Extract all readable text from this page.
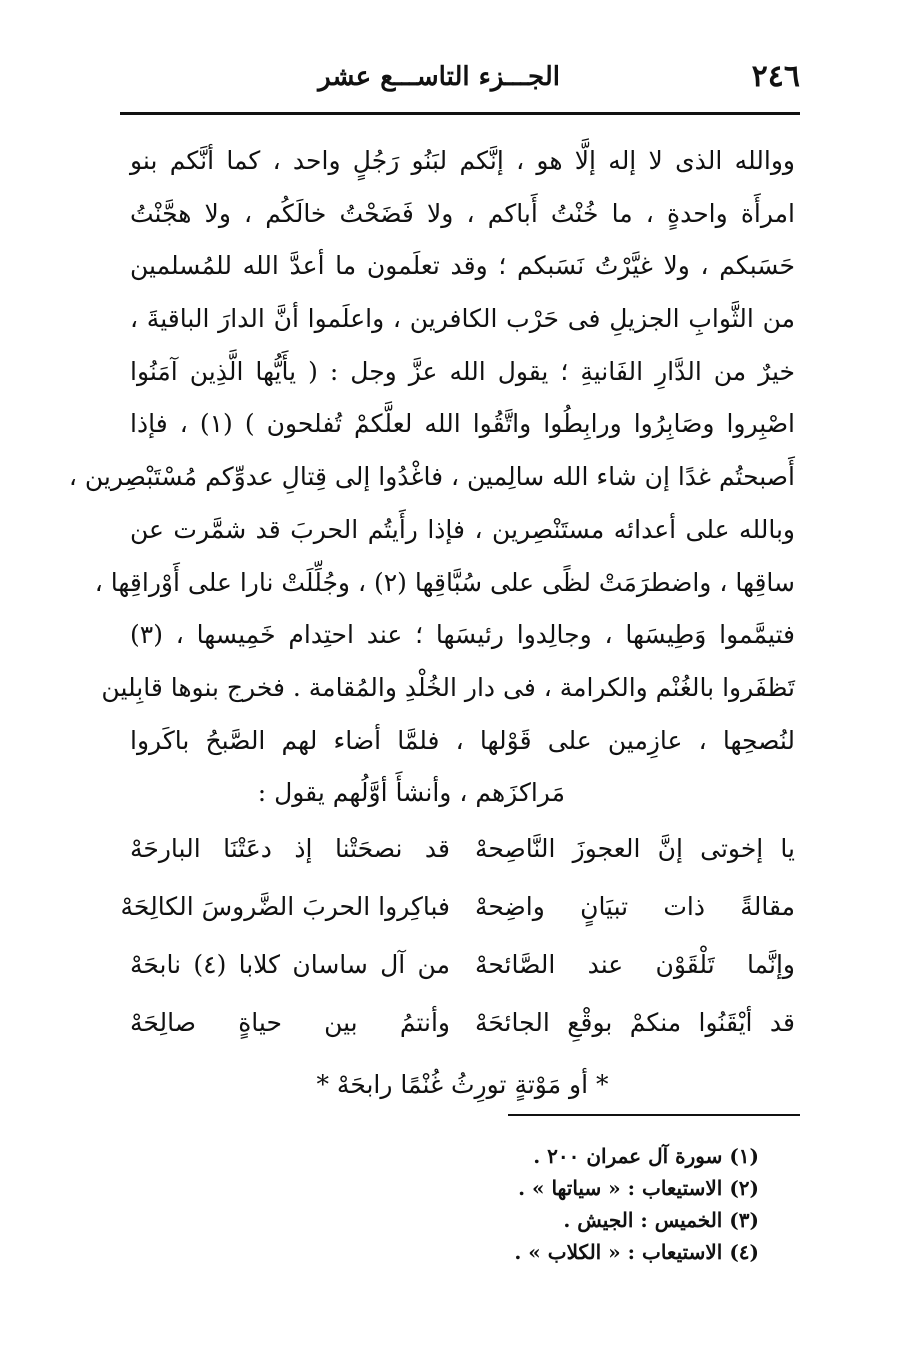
٢٤٦
الجـــزء التاســـع عشر
ووالله الذى لا إله إلَّا هو ، إنَّكم لبَنُو رَجُلٍ واحد ، كما أنَّكم بنو
امرأَة واحدةٍ ، ما خُنْتُ أَباكم ، ولا فَضَحْتُ خالَكُم ، ولا هجَّنْتُ
حَسَبكم ، ولا غيَّرْتُ نَسَبكم ؛ وقد تعلَمون ما أعدَّ الله للمُسلمين
من الثَّوابِ الجزيلِ فى حَرْب الكافرين ، واعلَموا أنَّ الدارَ الباقيةَ ،
خيرٌ من الدَّارِ الفَانيةِ ؛ يقول الله عزَّ وجل : ( يأَيُّها الَّذِين آمَنُوا
اصْبِروا وصَابِرُوا ورابِطُوا واتَّقُوا الله لعلَّكمْ تُفلحون ) (١) ، فإذا
أَصبحتُم غدًا إن شاء الله سالِمين ، فاغْدُوا إلى قِتالِ عدوِّكم مُسْتَبْصِرين ،
وبالله على أعدائه مستَنْصِرين ، فإذا رأَيتُم الحربَ قد شمَّرت عن
ساقِها ، واضطرَمَتْ لظًى على سُبَّاقِها (٢) ، وجُلِّلَتْ نارا على أَوْراقِها ،
فتيمَّموا وَطِيسَها ، وجالِدوا رئيسَها ؛ عند احتِدام خَمِيسها ، (٣)
تَظفَروا بالغُنْم والكرامة ، فى دار الخُلْدِ والمُقامة . فخرج بنوها قابِلين
لنُصحِها ، عازِمين على قَوْلها ، فلمَّا أضاء لهم الصَّبحُ باكَروا
مَراكزَهم ، وأنشأَ أوَّلُهم يقول :
يا إخوتى إنَّ العجوزَ النَّاصِحهْ
قد نصحَتْنا إذ دعَتْنَا البارحَهْ
مقالةً ذات تبيَانٍ واضِحهْ
فباكِروا الحربَ الضَّروسَ الكالِحَهْ
وإنَّما تَلْقَوْن عند الصَّائحهْ
من آل ساسان كلابا (٤) نابحَهْ
قد أيْقَنُوا منكمْ بوقْعِ الجائحَهْ
وأنتمُ بين حياةٍ صالِحَهْ
* أو مَوْتةٍ تورِثُ غُنْمًا رابحَهْ *
(١) سورة آل عمران ٢٠٠ .
(٢) الاستيعاب : « سياتها » .
(٣) الخميس : الجيش .
(٤) الاستيعاب : « الكلاب » .
